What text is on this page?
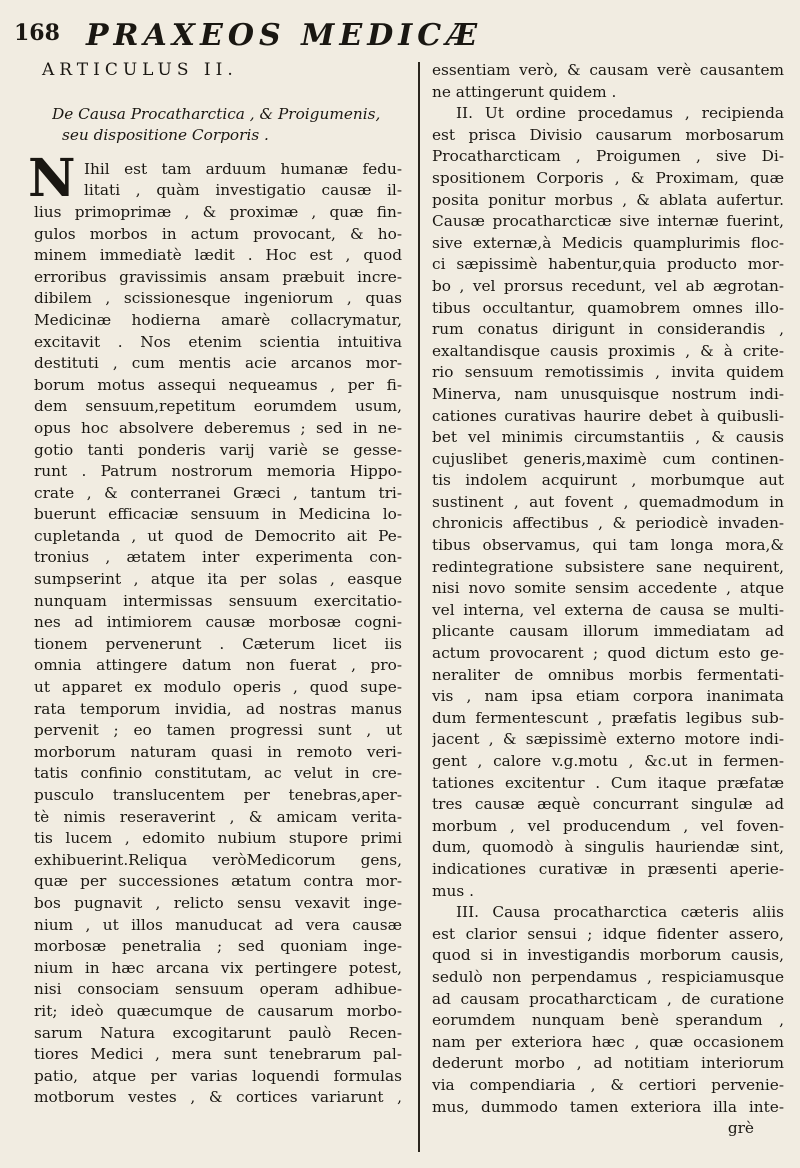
168 PRAXEOS MEDICÆ
ARTICULUS II.
De Causa Procatharctica , & Proigumenis,
seu dispositione Corporis .
N Ihil est tam arduum humanæ fedu-
litati , quàm investigatio causæ il-
lius primoprimæ , & proximæ , quæ fin-
gulos morbos in actum provocant, & ho-
minem immediatè lædit . Hoc est , quod
erroribus gravissimis ansam præbuit incre-
dibilem , scissionesque ingeniorum , quas
Medicinæ hodierna amarè collacrymatur,
excitavit . Nos etenim scientia intuitiva
destituti , cum mentis acie arcanos mor-
borum motus assequi nequeamus , per fi-
dem sensuum,repetitum eorumdem usum,
opus hoc absolvere deberemus ; sed in ne-
gotio tanti ponderis varij variè se gesse-
runt . Patrum nostrorum memoria Hippo-
crate , & conterranei Græci , tantum tri-
buerunt efficaciæ sensuum in Medicina lo-
cupletanda , ut quod de Democrito ait Pe-
tronius , ætatem inter experimenta con-
sumpserint , atque ita per solas , easque
nunquam intermissas sensuum exercitatio-
nes ad intimiorem causæ morbosæ cogni-
tionem pervenerunt . Cæterum licet iis
omnia attingere datum non fuerat , pro-
ut apparet ex modulo operis , quod supe-
rata temporum invidia, ad nostras manus
pervenit ; eo tamen progressi sunt , ut
morborum naturam quasi in remoto veri-
tatis confinio constitutam, ac velut in cre-
pusculo translucentem per tenebras,aper-
tè nimis reseraverint , & amicam verita-
tis lucem , edomito nubium stupore primi
exhibuerint.Reliqua veròMedicorum gens,
quæ per successiones ætatum contra mor-
bos pugnavit , relicto sensu vexavit inge-
nium , ut illos manuducat ad vera causæ
morbosæ penetralia ; sed quoniam inge-
nium in hæc arcana vix pertingere potest,
nisi consociam sensuum operam adhibue-
rit; ideò quæcumque de causarum morbo-
sarum Natura excogitarunt paulò Recen-
tiores Medici , mera sunt tenebrarum pal-
patio, atque per varias loquendi formulas
motborum vestes , & cortices variarunt ,
essentiam verò, & causam verè causantem
ne attingerunt quidem .
II. Ut ordine procedamus , recipienda
est prisca Divisio causarum morbosarum
Procatharcticam , Proigumen , sive Di-
spositionem Corporis , & Proximam, quæ
posita ponitur morbus , & ablata aufertur.
Causæ procatharcticæ sive internæ fuerint,
sive externæ,à Medicis quamplurimis floc-
ci sæpissimè habentur,quia producto mor-
bo , vel prorsus recedunt, vel ab ægrotan-
tibus occultantur, quamobrem omnes illo-
rum conatus dirigunt in considerandis ,
exaltandisque causis proximis , & à crite-
rio sensuum remotissimis , invita quidem
Minerva, nam unusquisque nostrum indi-
cationes curativas haurire debet à quibusli-
bet vel minimis circumstantiis , & causis
cujuslibet generis,maximè cum continen-
tis indolem acquirunt , morbumque aut
sustinent , aut fovent , quemadmodum in
chronicis affectibus , & periodicè invaden-
tibus observamus, qui tam longa mora,&
redintegratione subsistere sane nequirent,
nisi novo somite sensim accedente , atque
vel interna, vel externa de causa se multi-
plicante causam illorum immediatam ad
actum provocarent ; quod dictum esto ge-
neraliter de omnibus morbis fermentati-
vis , nam ipsa etiam corpora inanimata
dum fermentescunt , præfatis legibus sub-
jacent , & sæpissimè externo motore indi-
gent , calore v.g.motu , &c.ut in fermen-
tationes excitentur . Cum itaque præfatæ
tres causæ æquè concurrant singulæ ad
morbum , vel producendum , vel foven-
dum, quomodò à singulis hauriendæ sint,
indicationes curativæ in præsenti aperie-
mus .
III. Causa procatharctica cæteris aliis
est clarior sensui ; idque fidenter assero,
quod si in investigandis morborum causis,
sedulò non perpendamus , respiciamusque
ad causam procatharcticam , de curatione
eorumdem nunquam benè sperandum ,
nam per exteriora hæc , quæ occasionem
dederunt morbo , ad notitiam interiorum
via compendiaria , & certiori pervenie-
mus, dummodo tamen exteriora illa inte-
grè
